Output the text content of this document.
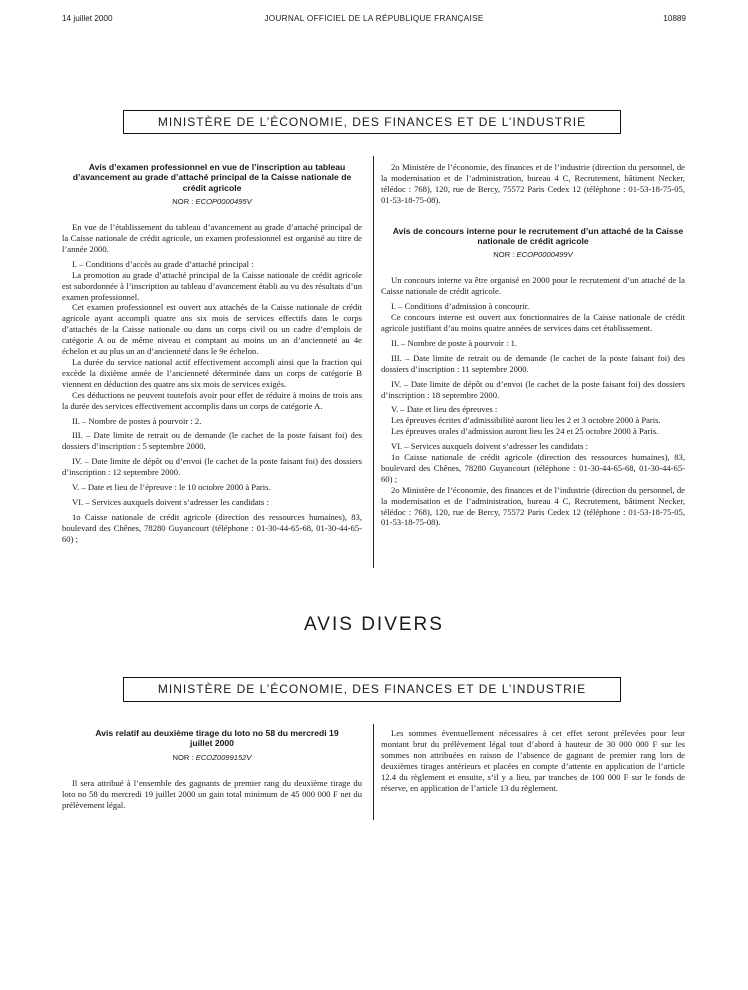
14 juillet 2000	JOURNAL OFFICIEL DE LA RÉPUBLIQUE FRANÇAISE	10889
MINISTÈRE DE L’ÉCONOMIE, DES FINANCES ET DE L’INDUSTRIE

Avis d’examen professionnel en vue de l’inscription au tableau d’avancement au grade d’attaché principal de la Caisse nationale de crédit agricole

NOR : ECOP0000495V

En vue de l’établissement du tableau d’avancement au grade d’attaché principal de la Caisse nationale de crédit agricole, un examen professionnel est organisé au titre de l’année 2000.

I. – Conditions d’accès au grade d’attaché principal :

La promotion au grade d’attaché principal de la Caisse nationale de crédit agricole est subordonnée à l’inscription au tableau d’avancement établi au vu des résultats d’un examen professionnel.

Cet examen professionnel est ouvert aux attachés de la Caisse nationale de crédit agricole ayant accompli quatre ans six mois de services effectifs dans le corps d’attachés de la Caisse nationale ou dans un corps civil ou un cadre d’emplois de catégorie A ou de même niveau et comptant au moins un an d’ancienneté au 4e échelon et au plus un an d’ancienneté dans le 9e échelon.

La durée du service national actif effectivement accompli ainsi que la fraction qui excède la dixième année de l’ancienneté déterminée dans un corps de catégorie B viennent en déduction des quatre ans six mois de services exigés.

Ces déductions ne peuvent toutefois avoir pour effet de réduire à moins de trois ans la durée des services effectivement accomplis dans un corps de catégorie A.

II. – Nombre de postes à pourvoir : 2.

III. – Date limite de retrait ou de demande (le cachet de la poste faisant foi) des dossiers d’inscription : 5 septembre 2000.

IV. – Date limite de dépôt ou d’envoi (le cachet de la poste faisant foi) des dossiers d’inscription : 12 septembre 2000.

V. – Date et lieu de l’épreuve : le 10 octobre 2000 à Paris.

VI. – Services auxquels doivent s’adresser les candidats :

1o Caisse nationale de crédit agricole (direction des ressources humaines), 83, boulevard des Chênes, 78280 Guyancourt (téléphone : 01-30-44-65-68, 01-30-44-65-60) ;

2o Ministère de l’économie, des finances et de l’industrie (direction du personnel, de la modernisation et de l’administration, bureau 4 C, Recrutement, bâtiment Necker, télédoc : 768), 120, rue de Bercy, 75572 Paris Cedex 12 (téléphone : 01-53-18-75-05, 01-53-18-75-08).

Avis de concours interne pour le recrutement d’un attaché de la Caisse nationale de crédit agricole

NOR : ECOP0000499V

Un concours interne va être organisé en 2000 pour le recrutement d’un attaché de la Caisse nationale de crédit agricole.

I. – Conditions d’admission à concourir.

Ce concours interne est ouvert aux fonctionnaires de la Caisse nationale de crédit agricole justifiant d’au moins quatre années de services dans cet établissement.

II. – Nombre de poste à pourvoir : 1.

III. – Date limite de retrait ou de demande (le cachet de la poste faisant foi) des dossiers d’inscription : 11 septembre 2000.

IV. – Date limite de dépôt ou d’envoi (le cachet de la poste faisant foi) des dossiers d’inscription : 18 septembre 2000.

V. – Date et lieu des épreuves :

Les épreuves écrites d’admissibilité auront lieu les 2 et 3 octobre 2000 à Paris.

Les épreuves orales d’admission auront lieu les 24 et 25 octobre 2000 à Paris.

VI. – Services auxquels doivent s’adresser les candidats :

1o Caisse nationale de crédit agricole (direction des ressources humaines), 83, boulevard des Chênes, 78280 Guyancourt (téléphone : 01-30-44-65-68, 01-30-44-65-60) ;

2o Ministère de l’économie, des finances et de l’industrie (direction du personnel, de la modernisation et de l’administration, bureau 4 C, Recrutement, bâtiment Necker, télédoc : 768), 120, rue de Bercy, 75572 Paris Cedex 12 (téléphone : 01-53-18-75-05, 01-53-18-75-08).

AVIS DIVERS
MINISTÈRE DE L’ÉCONOMIE, DES FINANCES ET DE L’INDUSTRIE

Avis relatif au deuxième tirage du loto no 58 du mercredi 19 juillet 2000

NOR : ECOZ0099152V

Il sera attribué à l’ensemble des gagnants de premier rang du deuxième tirage du loto no 58 du mercredi 19 juillet 2000 un gain total minimum de 45 000 000 F net du prélèvement légal.

Les sommes éventuellement nécessaires à cet effet seront prélevées pour leur montant brut du prélèvement légal tout d’abord à hauteur de 30 000 000 F sur les sommes non attribuées en raison de l’absence de gagnant de premier rang lors de deuxièmes tirages antérieurs et placées en compte d’attente en application de l’article 12.4 du règlement et ensuite, s’il y a lieu, par tranches de 100 000 F sur le fonds de réserve, en application de l’article 13 du règlement.
